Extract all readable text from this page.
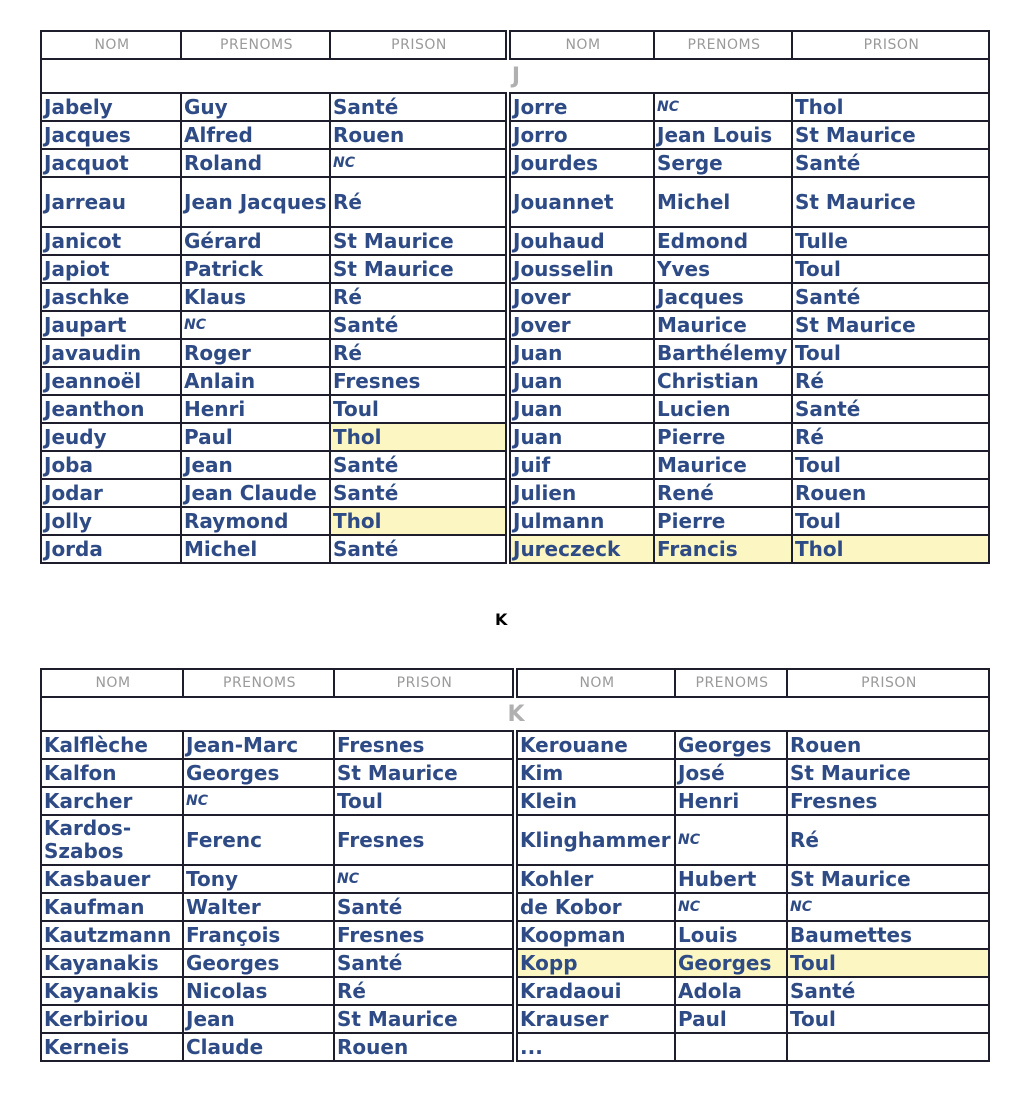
NOM	PRENOMS	PRISON	NOM	PRENOMS	PRISON
J					
Jabely	Guy	Santé	Jorre	NC	Thol
Jacques	Alfred	Rouen	Jorro	Jean Louis	St Maurice
Jacquot	Roland	NC	Jourdes	Serge	Santé
Jarreau	Jean Jacques	Ré	Jouannet	Michel	St Maurice
Janicot	Gérard	St Maurice	Jouhaud	Edmond	Tulle
Japiot	Patrick	St Maurice	Jousselin	Yves	Toul
Jaschke	Klaus	Ré	Jover	Jacques	Santé
Jaupart	NC	Santé	Jover	Maurice	St Maurice
Javaudin	Roger	Ré	Juan	Barthélemy	Toul
Jeannoël	Anlain	Fresnes	Juan	Christian	Ré
Jeanthon	Henri	Toul	Juan	Lucien	Santé
Jeudy	Paul	Thol	Juan	Pierre	Ré
Joba	Jean	Santé	Juif	Maurice	Toul
Jodar	Jean Claude	Santé	Julien	René	Rouen
Jolly	Raymond	Thol	Julmann	Pierre	Toul
Jorda	Michel	Santé	Jureczeck	Francis	Thol
K
NOM	PRENOMS	PRISON	NOM	PRENOMS	PRISON
K					
Kalflèche	Jean-Marc	Fresnes	Kerouane	Georges	Rouen
Kalfon	Georges	St Maurice	Kim	José	St Maurice
Karcher	NC	Toul	Klein	Henri	Fresnes
Kardos-Szabos	Ferenc	Fresnes	Klinghammer	NC	Ré
Kasbauer	Tony	NC	Kohler	Hubert	St Maurice
Kaufman	Walter	Santé	de Kobor	NC	NC
Kautzmann	François	Fresnes	Koopman	Louis	Baumettes
Kayanakis	Georges	Santé	Kopp	Georges	Toul
Kayanakis	Nicolas	Ré	Kradaoui	Adola	Santé
Kerbiriou	Jean	St Maurice	Krauser	Paul	Toul
Kerneis	Claude	Rouen	...		
